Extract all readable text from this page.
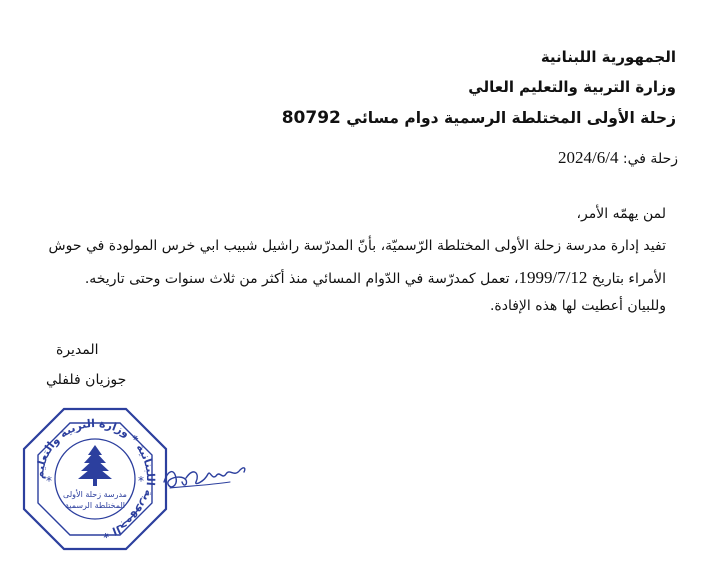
الجمهورية اللبنانية
وزارة التربية والتعليم العالي
زحلة الأولى المختلطة الرسمية دوام مسائي 80792
زحلة في: 2024/6/4
لمن يهمّه الأمر،
تفيد إدارة مدرسة زحلة الأولى المختلطة الرّسميّة، بأنّ المدرّسة راشيل شبيب ابي خرس المولودة في حوش
الأمراء بتاريخ 1999/7/12، تعمل كمدرّسة في الدّوام المسائي منذ أكثر من ثلاث سنوات وحتى تاريخه.
وللبيان أعطيت لها هذه الإفادة.
المديرة
جوزيان فلفلي
الجمهورية اللبنانية * وزارة التربية والتعليم *
مدرسة زحلة الأولى
المختلطة الرسمية
*	*
